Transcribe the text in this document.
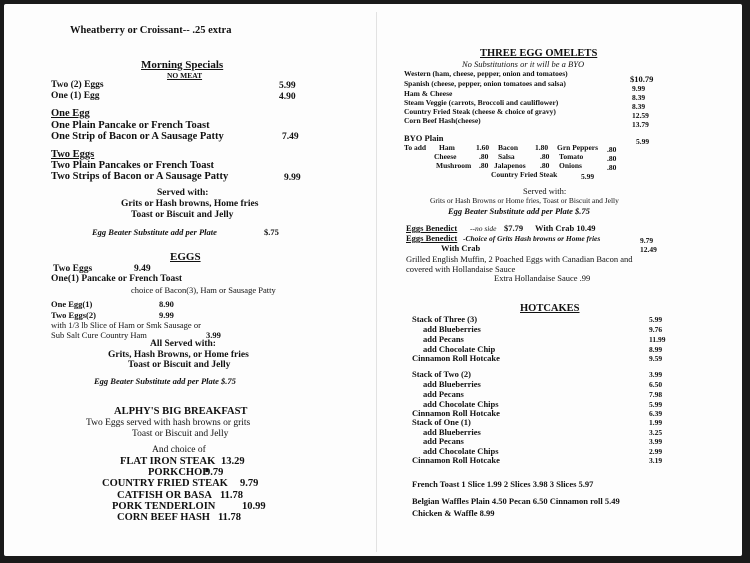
Wheatberry or Croissant-- .25 extra
Morning Specials
NO MEAT
Two (2) Eggs	5.99
One (1) Egg	4.90
One Egg
One Plain Pancake or French Toast
One Strip of Bacon or A Sausage Patty	7.49
Two Eggs
Two Plain Pancakes or French Toast
Two Strips of Bacon or A Sausage Patty	9.99
Served with:
Grits or Hash browns, Home fries
Toast or Biscuit and Jelly
Egg Beater Substitute add per Plate	$.75
EGGS
Two Eggs	9.49
One(1) Pancake or French Toast
choice of Bacon(3), Ham or Sausage Patty
One Egg(1)	8.90
Two Eggs(2)	9.99
with 1/3 lb Slice of Ham or Smk Sausage or
Sub Salt Cure Country Ham	3.99
All Served with:
Grits, Hash Browns, or Home fries
Toast or Biscuit and Jelly
Egg Beater Substitute add per Plate $.75
ALPHY'S BIG BREAKFAST
Two Eggs served with hash browns or grits
Toast or Biscuit and Jelly
And choice of
FLAT IRON STEAK 13.29
PORKCHOP
9.79
COUNTRY FRIED STEAK 9.79
CATFISH OR BASA 11.78
PORK TENDERLOIN	10.99
CORN BEEF HASH 11.78
THREE EGG OMELETS
No Substitutions or it will be a BYO
Western (ham, cheese, pepper, onion and tomatoes)
$10.79
Spanish (cheese, pepper, onion tomatoes and salsa)
9.99
Ham & Cheese	8.39
Steam Veggie (carrots, Broccoli and cauliflower)	8.39
Country Fried Steak (cheese & choice of gravy)	12.59
Corn Beef Hash(cheese)	13.79
BYO Plain	5.99
To add Ham	1.60 Bacon 1.80 Grn Peppers .80
Cheese	.80 Salsa	.80 Tomato	.80
Mushroom .80 Jalapenos .80 Onions	.80
Country Fried Steak	5.99
Served with:
Grits or Hash Browns or Home fries, Toast or Biscuit and Jelly
Egg Beater Substitute add per Plate $.75
Eggs Benedict --no side $7.79 With Crab 10.49
Eggs Benedict -Choice of Grits Hash browns or Home fries	9.79
With Crab	12.49
Grilled English Muffin, 2 Poached Eggs with Canadian Bacon and
covered with Hollandaise Sauce
Extra Hollandaise Sauce .99
HOTCAKES
Stack of Three (3)	5.99
add Blueberries	9.76
add Pecans	11.99
add Chocolate Chip	8.99
Cinnamon Roll Hotcake	9.59
Stack of Two (2)	3.99
add Blueberries	6.50
add Pecans	7.98
add Chocolate Chips	5.99
Cinnamon Roll Hotcake	6.39
Stack of One (1)	1.99
add Blueberries	3.25
add Pecans	3.99
add Chocolate Chips	2.99
Cinnamon Roll Hotcake	3.19
French Toast 1 Slice 1.99 2 Slices 3.98 3 Slices 5.97
Belgian Waffles Plain 4.50 Pecan 6.50 Cinnamon roll 5.49
Chicken & Waffle 8.99
